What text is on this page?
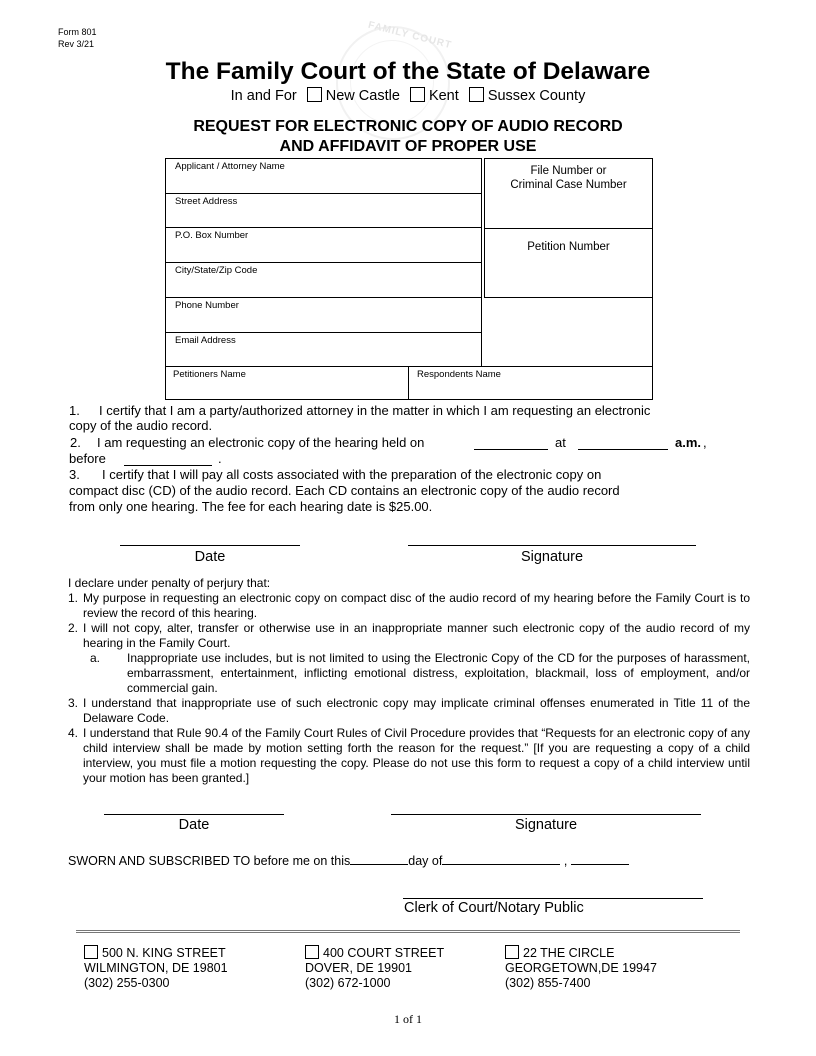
Form 801
Rev 3/21	FAMILY COURT
The Family Court of the State of Delaware
In and For New Castle Kent Sussex County
REQUEST FOR ELECTRONIC COPY OF AUDIO RECORD
AND AFFIDAVIT OF PROPER USE
Applicant / Attorney Name
Street Address
P.O. Box Number
City/State/Zip Code
Phone Number
Email Address
File Number or
Criminal Case Number
Petition Number
Petitioners Name	Respondents Name
1. I certify that I am a party/authorized attorney in the matter in which I am requesting an electronic
copy of the audio record.
2. I am requesting an electronic copy of the hearing held on	at	a.m. ,
before	.
3. I certify that I will pay all costs associated with the preparation of the electronic copy on
compact disc (CD) of the audio record. Each CD contains an electronic copy of the audio record
from only one hearing. The fee for each hearing date is $25.00.
Date	Signature
I declare under penalty of perjury that:
1. My purpose in requesting an electronic copy on compact disc of the audio record of my hearing before the Family Court is to review the record of this hearing.
2. I will not copy, alter, transfer or otherwise use in an inappropriate manner such electronic copy of the audio record of my hearing in the Family Court.
a. Inappropriate use includes, but is not limited to using the Electronic Copy of the CD for the purposes of harassment, embarrassment, entertainment, inflicting emotional distress, exploitation, blackmail, loss of employment, and/or commercial gain.
3. I understand that inappropriate use of such electronic copy may implicate criminal offenses enumerated in Title 11 of the Delaware Code.
4. I understand that Rule 90.4 of the Family Court Rules of Civil Procedure provides that “Requests for an electronic copy of any child interview shall be made by motion setting forth the reason for the request.” [If you are requesting a copy of a child interview, you must file a motion requesting the copy. Please do not use this form to request a copy of a child interview until your motion has been granted.]
Date	Signature
SWORN AND SUBSCRIBED TO before me on this	day of	,
Clerk of Court/Notary Public
500 N. KING STREET
WILMINGTON, DE 19801
(302) 255-0300
400 COURT STREET
DOVER, DE 19901
(302) 672-1000
22 THE CIRCLE
GEORGETOWN,DE 19947
(302) 855-7400
1 of 1
